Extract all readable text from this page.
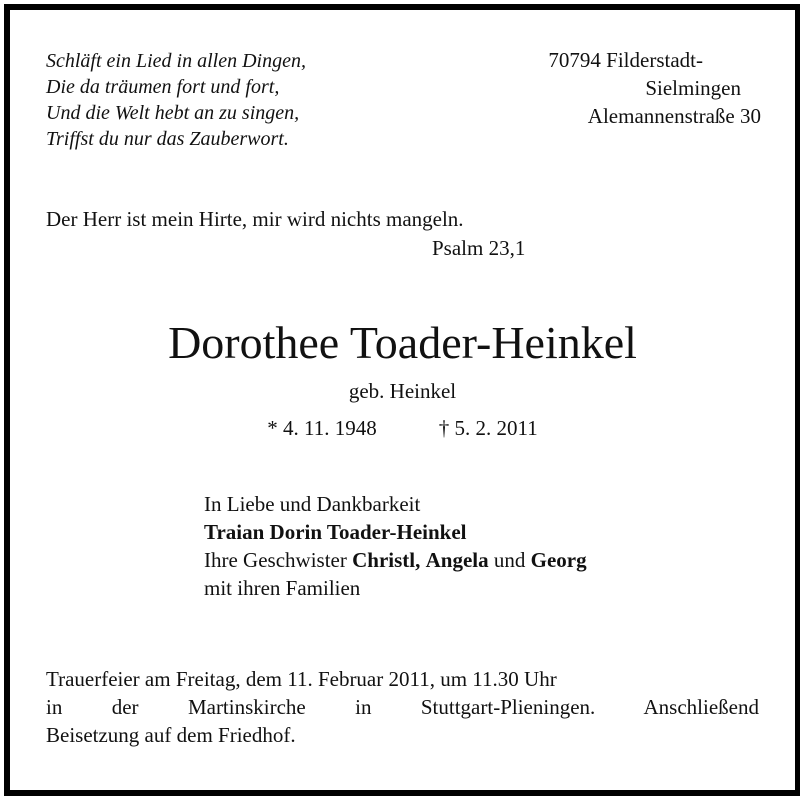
Schläft ein Lied in allen Dingen,
Die da träumen fort und fort,
Und die Welt hebt an zu singen,
Triffst du nur das Zauberwort.
70794 Filderstadt-
Sielmingen
Alemannenstraße 30
Der Herr ist mein Hirte, mir wird nichts mangeln.
Psalm 23,1
Dorothee Toader-Heinkel
geb. Heinkel
* 4. 11. 1948	† 5. 2. 2011
In Liebe und Dankbarkeit
Traian Dorin Toader-Heinkel
Ihre Geschwister Christl, Angela und Georg
mit ihren Familien
Trauerfeier am Freitag, dem 11. Februar 2011, um 11.30 Uhr
in der Martinskirche in Stuttgart-Plieningen. Anschließend
Beisetzung auf dem Friedhof.
